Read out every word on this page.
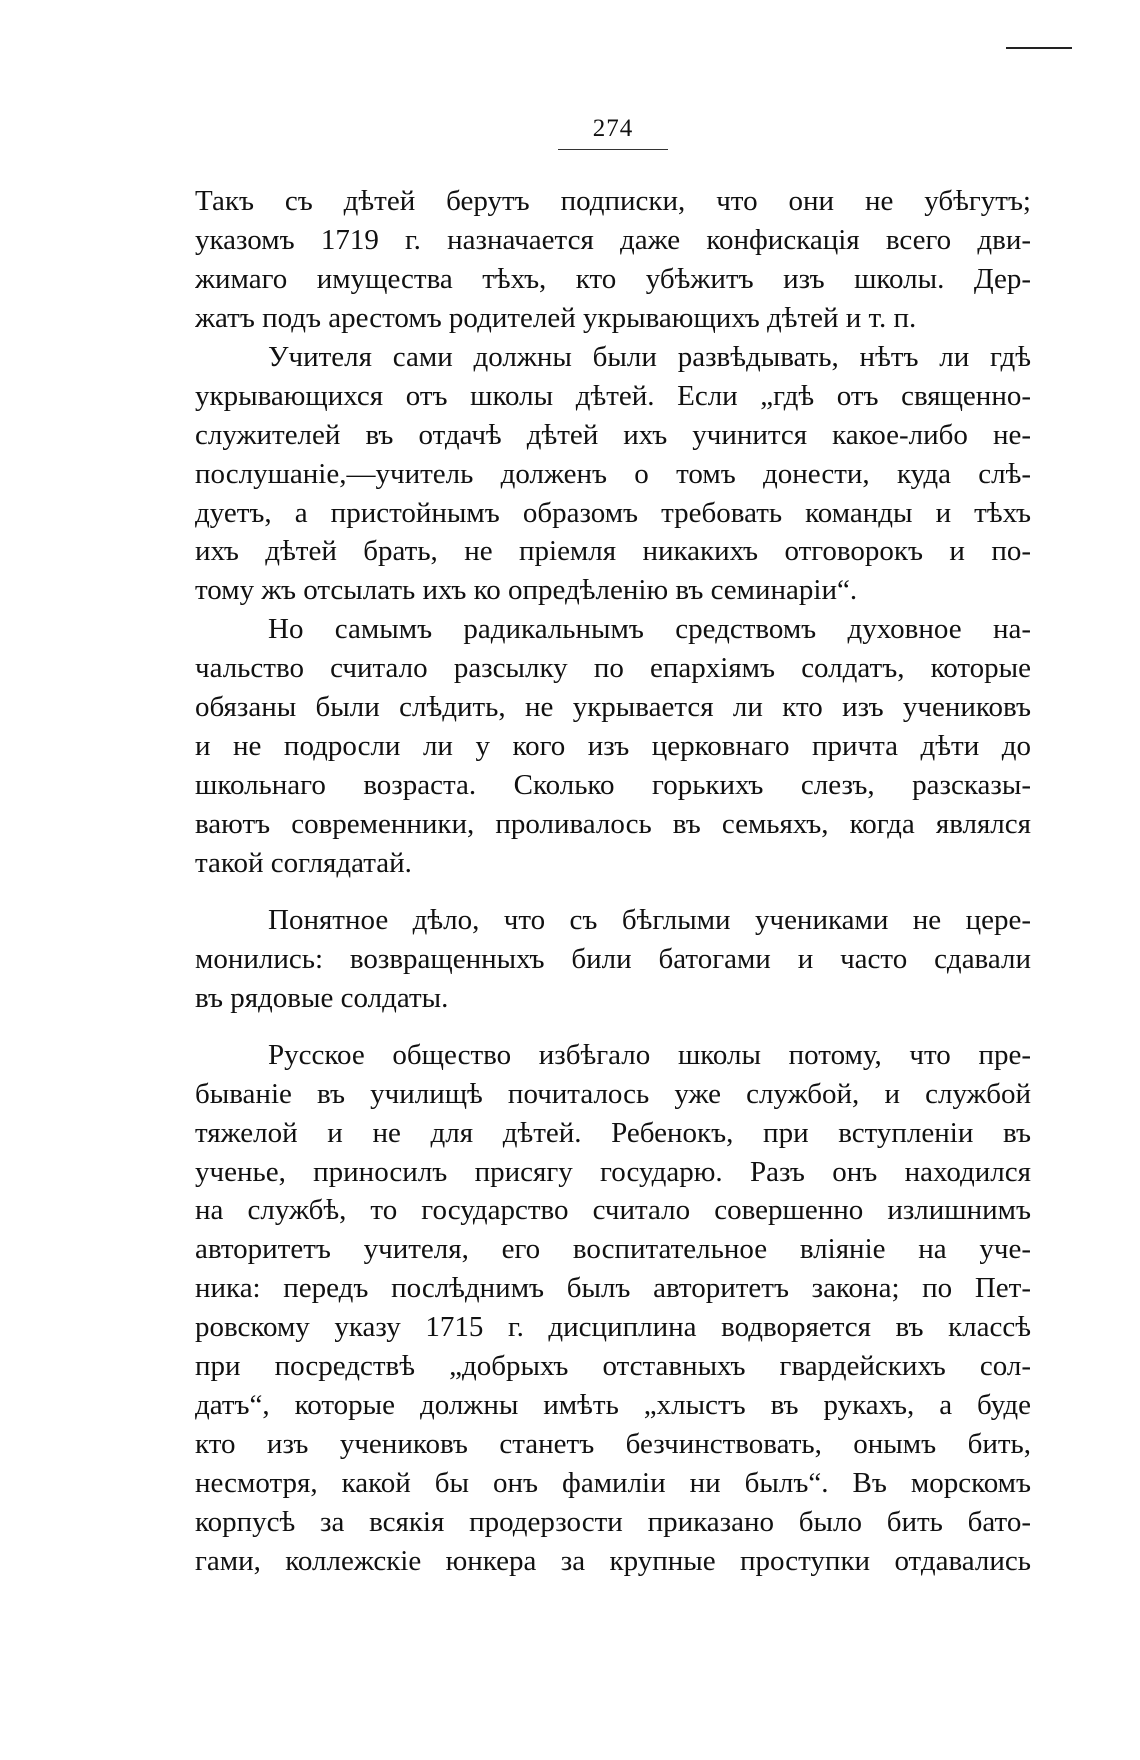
274
Такъ съ дѣтей берутъ подписки, что они не убѣгутъ;
указомъ 1719 г. назначается даже конфискація всего дви-
жимаго имущества тѣхъ, кто убѣжитъ изъ школы. Дер-
жатъ подъ арестомъ родителей укрывающихъ дѣтей и т. п.
Учителя сами должны были развѣдывать, нѣтъ ли гдѣ
укрывающихся отъ школы дѣтей. Если „гдѣ отъ священно-
служителей въ отдачѣ дѣтей ихъ учинится какое-либо не-
послушаніе,—учитель долженъ о томъ донести, куда слѣ-
дуетъ, а пристойнымъ образомъ требовать команды и тѣхъ
ихъ дѣтей брать, не пріемля никакихъ отговорокъ и по-
тому жъ отсылать ихъ ко опредѣленію въ семинаріи“.
Но самымъ радикальнымъ средствомъ духовное на-
чальство считало разсылку по епархіямъ солдатъ, которые
обязаны были слѣдить, не укрывается ли кто изъ учениковъ
и не подросли ли у кого изъ церковнаго причта дѣти до
школьнаго возраста. Сколько горькихъ слезъ, разсказы-
ваютъ современники, проливалось въ семьяхъ, когда являлся
такой соглядатай.
Понятное дѣло, что съ бѣглыми учениками не цере-
монились: возвращенныхъ били батогами и часто сдавали
въ рядовые солдаты.
Русское общество избѣгало школы потому, что пре-
быванiе въ училищѣ почиталось уже службой, и службой
тяжелой и не для дѣтей. Ребенокъ, при вступленіи въ
ученье, приносилъ присягу государю. Разъ онъ находился
на службѣ, то государство считало совершенно излишнимъ
авторитетъ учителя, его воспитательное вліяніе на уче-
ника: передъ послѣднимъ былъ авторитетъ закона; по Пет-
ровскому указу 1715 г. дисциплина водворяется въ классѣ
при посредствѣ „добрыхъ отставныхъ гвардейскихъ сол-
датъ“, которые должны имѣть „хлыстъ въ рукахъ, а буде
кто изъ учениковъ станетъ безчинствовать, онымъ бить,
несмотря, какой бы онъ фамиліи ни былъ“. Въ морскомъ
корпусѣ за всякія продерзости приказано было бить бато-
гами, коллежскіе юнкера за крупные проступки отдавались
